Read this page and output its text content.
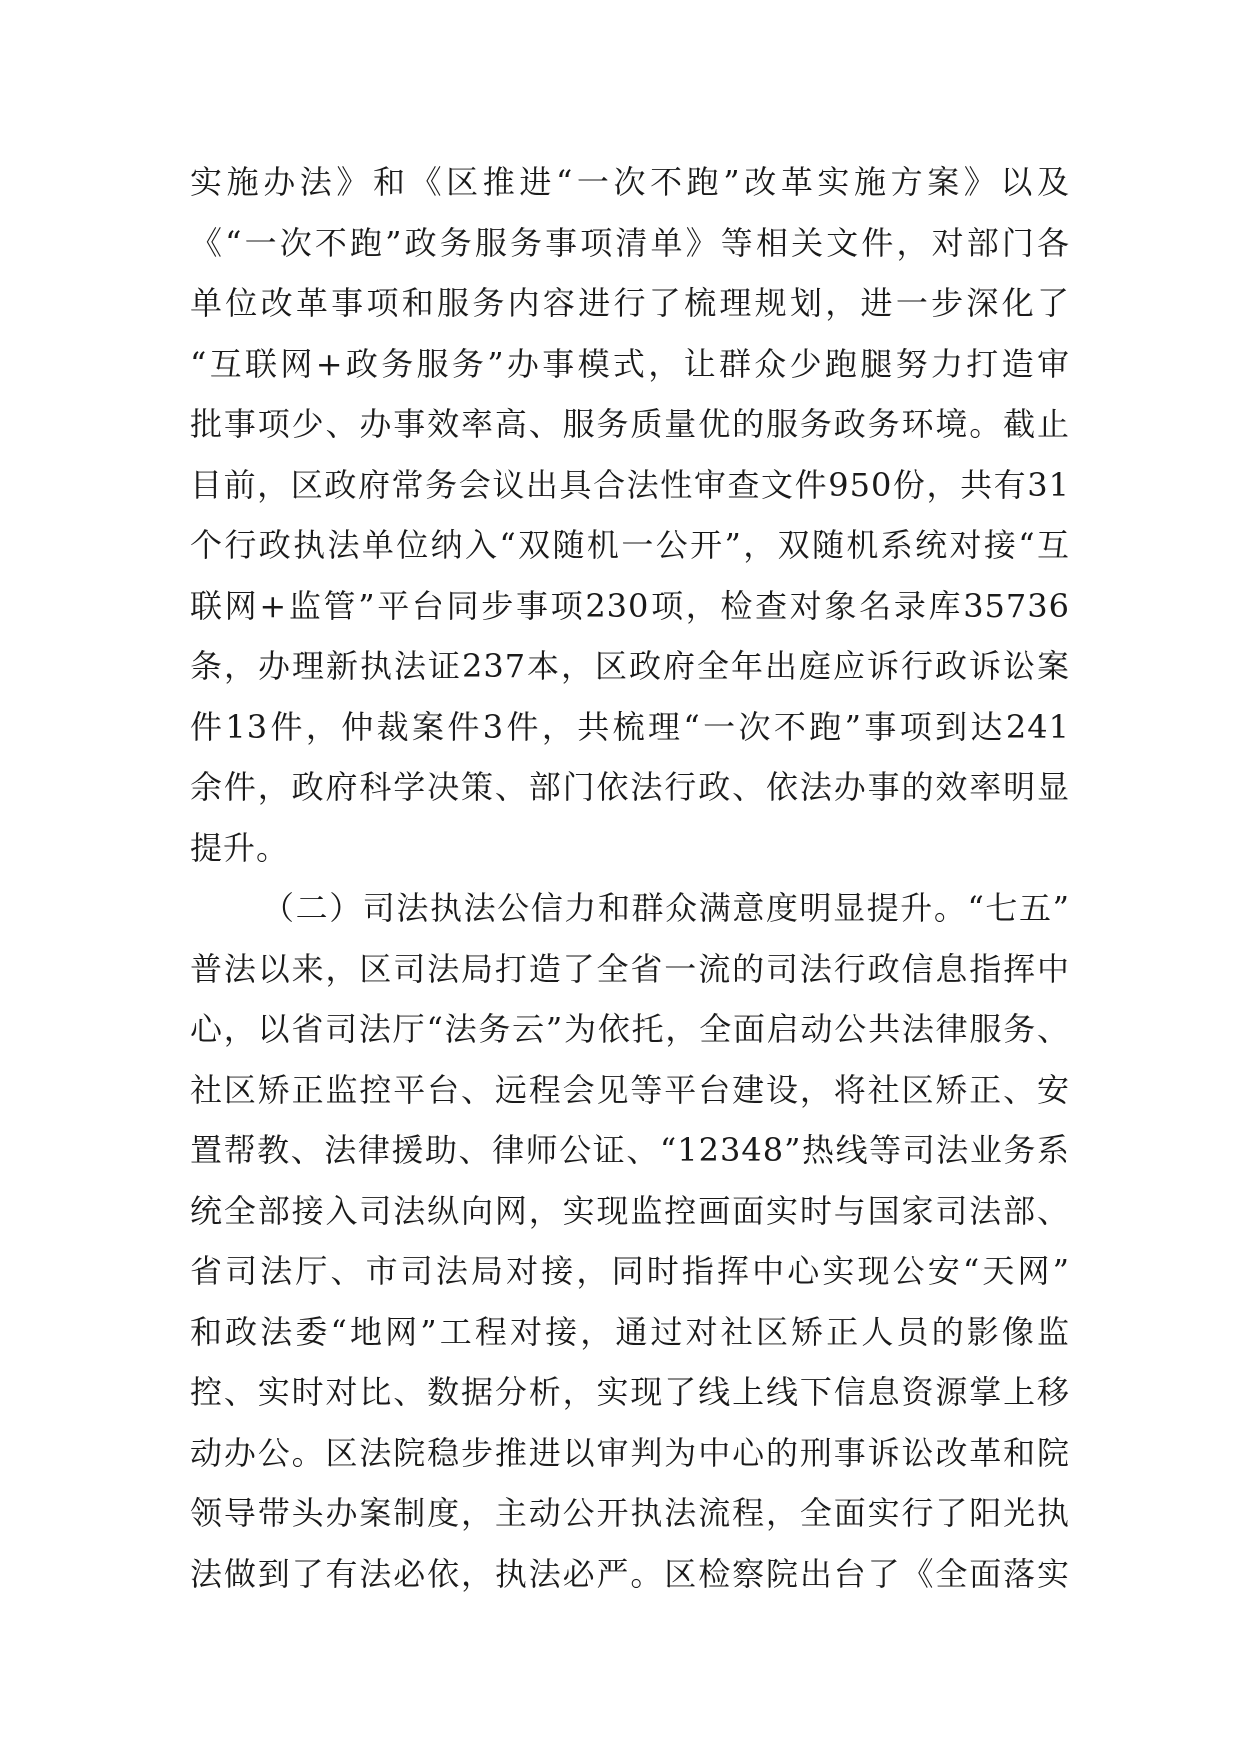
实施办法》和《区推进“一次不跑”改革实施方案》以及
《“一次不跑”政务服务事项清单》等相关文件，对部门各
单位改革事项和服务内容进行了梳理规划，进一步深化了
“互联网+政务服务”办事模式，让群众少跑腿努力打造审
批事项少、办事效率高、服务质量优的服务政务环境。截止
目前，区政府常务会议出具合法性审查文件950份，共有31
个行政执法单位纳入“双随机一公开”，双随机系统对接“互
联网+监管”平台同步事项230项，检查对象名录库35736
条，办理新执法证237本，区政府全年出庭应诉行政诉讼案
件13件，仲裁案件3件，共梳理“一次不跑”事项到达241
余件，政府科学决策、部门依法行政、依法办事的效率明显
提升。
（二）司法执法公信力和群众满意度明显提升。“七五”
普法以来，区司法局打造了全省一流的司法行政信息指挥中
心，以省司法厅“法务云”为依托，全面启动公共法律服务、
社区矫正监控平台、远程会见等平台建设，将社区矫正、安
置帮教、法律援助、律师公证、“12348”热线等司法业务系
统全部接入司法纵向网，实现监控画面实时与国家司法部、
省司法厅、市司法局对接，同时指挥中心实现公安“天网”
和政法委“地网”工程对接，通过对社区矫正人员的影像监
控、实时对比、数据分析，实现了线上线下信息资源掌上移
动办公。区法院稳步推进以审判为中心的刑事诉讼改革和院
领导带头办案制度，主动公开执法流程，全面实行了阳光执
法做到了有法必依，执法必严。区检察院出台了《全面落实
